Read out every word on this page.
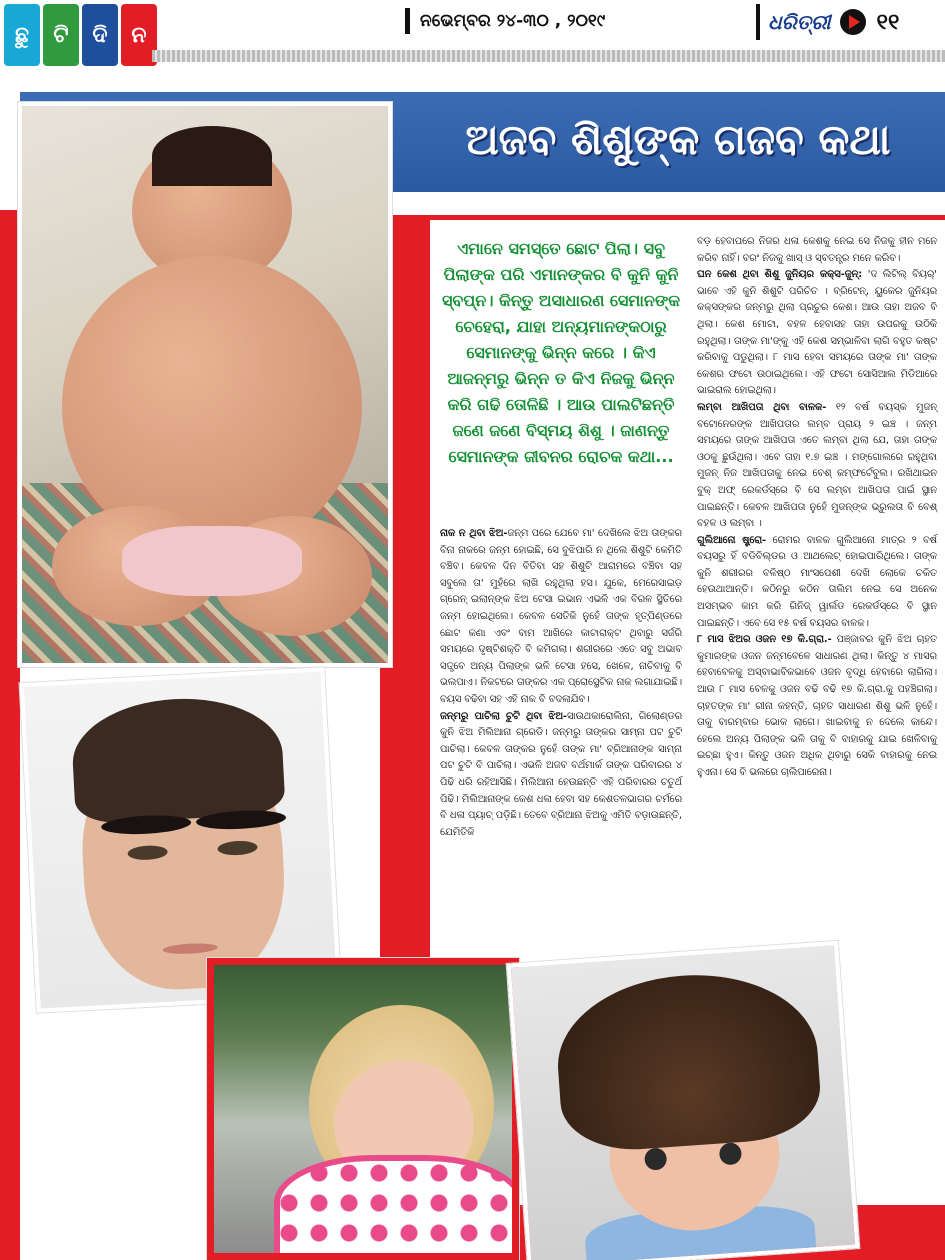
ଛୁ	ଟି	ଦି	ନ
ନଭେମ୍ବର ୨୪-୩୦ , ୨୦୧୯	ଧରିତ୍ରୀ ୧୧
ଅଜବ ଶିଶୁଙ୍କ ଗଜବ କଥା
ଏମାନେ ସମସ୍ତେ ଛୋଟ ପିଲା। ସବୁ ପିଲାଙ୍କ ପରି ଏମାନଙ୍କର ବି କୁନି କୁନି ସ୍ବପ୍ନ। କିନ୍ତୁ ଅସାଧାରଣ ସେମାନଙ୍କ ଚେହେରା, ଯାହା ଅନ୍ୟମାନଙ୍କଠାରୁ ସେମାନଙ୍କୁ ଭିନ୍ନ କରେ । କିଏ ଆଜନ୍ମରୁ ଭିନ୍ନ ତ କିଏ ନିଜକୁ ଭିନ୍ନ କରି ଗଢି ତୋଳିଛି । ଆଉ ପାଲଟିଛନ୍ତି ଜଣେ ଜଣେ ବିସ୍ମୟ ଶିଶୁ । ଜାଣନ୍ତୁ ସେମାନଙ୍କ ଜୀବନର ରୋଚକ କଥା...

ନାକ ନ ଥିବା ଝିଅ-ଜନ୍ମ ପରେ ଯେବେ ମା' ଦେଖିଲେ ଝିଅ ତାଙ୍କର ବିନା ନାକରେ ଜନ୍ମ ହୋଇଛି, ସେ ବୁଝିପାରି ନ ଥିଲେ ଶିଶୁଟି କେମିତି ବଞ୍ଚିବ। କେବଳ ଦିନ ବିତିବା ସହ ଶିଶୁଟି ଆରାମରେ ବଞ୍ଚିବା ସହ ସବୁଲେ ତା' ମୁହଁରେ ଲାଖି ରହୁଥିଲା ହସ। ଯୁକେ, ମେରେସାଇଡ଼ ଗ୍ରେନ୍ ଇଲାନ୍‌ଙ୍କ ଝିଅ ଟେସା ଇଭାନ ଏଭଳି ଏକ ବିରଳ ସ୍ଥିତିରେ ଜନ୍ମ ହୋଇଥିଲେ। କେବଳ ସେତିକି ନୁହେଁ ତାଙ୍କ ହୃତ୍‌ପିଣ୍ଡରେ ଛୋଟ କଣା ଏବଂ ବାମ ଆଖିରେ କାଟାରାକ୍ଟ ଥିବାରୁ ସର୍ଜରି ସମୟରେ ଦୃଷ୍ଟିଶକ୍ତି ବି କମିଗଲା। ଶରୀରରେ ଏତେ ସବୁ ଅଭାବ ସତ୍ତ୍ବେ ଅନ୍ୟ ପିଲାଙ୍କ ଭଳି ଟେସା ହସେ, ଖେଳେ, ନାଚିବାକୁ ବି ଭଲପାଏ। ନିକଟରେ ତାଙ୍କର ଏକ ପ୍ରୋସ୍ଥେଟିକ ନାକ ଲଗାଯାଇଛି। ବୟସ ବଢିବା ସହ ଏହି ନାକ ବି ବଦଳାଯିବ।

ଜନ୍ମରୁ ପାଚିଲା ଚୁଟି ଥିବା ଝିଅ-ସାଉଥକାରୋଲିନା, ଗିଲୋଣ୍ଡର କୁନି ଝିଅ ମିଲିଆନା ଗ୍ରେଡି। ଜନ୍ମରୁ ତାଙ୍କର ସାମ୍ନା ପଟ ଚୁଟି ପାଚିଲା। କେବଳ ତାଙ୍କର ନୁହେଁ ତାଙ୍କ ମା' ବ୍ରିଆନାଙ୍କ ସାମ୍ନା ପଟ ଚୁଟି ବି ପାଚିଲା। ଏଭଳି ଅଜବ ବର୍ଥମାର୍କ ତାଙ୍କ ପରିବାରର ୪ ପିଢି ଧରି ରହିଆସିଛି। ମିଲିଆନା ହେଉଛନ୍ତି ଏହି ପରିବାରର ଚତୁର୍ଥ ପିଢି। ମିଲିଆନାଙ୍କ କେଶ ଧଳା ହେବା ସହ କେଶତଳଭାଗର ଚର୍ମରେ ବି ଧଳା ପ୍ୟାଚ୍ ପଡ଼ିଛି। ତେବେ ବ୍ରିଆନା ଝିଅକୁ ଏମିତି ବଡ଼ାଉଛନ୍ତି, ଯେମିତିକି

ବଡ଼ ହେବାପରେ ନିଜର ଧଳା କେଶକୁ ନେଇ ସେ ନିଜକୁ ହୀନ ମନେ କରିବ ନାହିଁ। ବରଂ ନିଜକୁ ଖାସ୍ ଓ ସ୍ବତନ୍ତ୍ର ମନେ କରିବ।

ଘନ କେଶ ଥିବା ଶିଶୁ ଜୁନିୟର କକ୍ସ-ଜୁନ୍: 'ଦ ଲିଟିଲ୍ ବିୟର୍' ଭାବେ ଏହି କୁନି ଶିଶୁଟି ପରିଚିତ । ବ୍ରିଟେନ୍, ୟୁକେର ଜୁନିୟର କକ୍ସଙ୍କର ଜନ୍ମରୁ ଥିଲା ପ୍ରଚୁର କେଶ। ଆଉ ତାହା ଅଜବ ବି ଥିଲା। କେଶ ମୋଟା, ବହଳ ହେବାସହ ତାହା ଉପରକୁ ଉଠିକି ରହୁଥିଲା। ତାଙ୍କ ମା'ଙ୍କୁ ଏହି କେଶ ସମ୍ଭାଳିବା ଲାଗି ବହୁତ କଷ୍ଟ କରିବାକୁ ପଡୁଥିଲା। ୮ ମାସ ହେବା ସମୟରେ ତାଙ୍କ ମା' ତାଙ୍କ କେଶର ଫଟୋ ଉଠାଇଥିଲେ। ଏହି ଫଟୋ ସୋସିଆଲ ମିଡିଆରେ ଭାଇରାଲ ହୋଇଥିଲା।

ଲମ୍ବା ଆଖିପତା ଥିବା ବାଳକ- ୧୨ ବର୍ଷ ବୟସ୍କ ମୁଜନ୍ ବଟୋନେରଙ୍କ ଆଖିପତାର ଲମ୍ବ ପ୍ରାୟ ୨ ଇଞ୍ଚ । ଜନ୍ମ ସମୟରେ ତାଙ୍କ ଆଖିପତା ଏତେ ଲମ୍ବା ଥିଲା ଯେ, ତାହା ତାଙ୍କ ଓଠକୁ ଛୁଉଁଥିଲା। ଏବେ ତାହା ୧.୭ ଇଞ୍ଚ । ମଙ୍ଗୋଲରେ ରହୁଥିବା ମୁଜନ୍ ନିଜ ଆଖିପତାକୁ ନେଇ ବେଶ୍ କମ୍ଫର୍ଟେବୁଲ। ରଖିଥାଇନ ବୁକ୍ ଅଫ୍ ରେକର୍ଡସ୍‌ରେ ବି ସେ ଲମ୍ବା ଆଖିପତା ପାଇଁ ସ୍ଥାନ ପାଇଛନ୍ତି। କେବଳ ଆଖିପତା ନୁହେଁ ମୁଜନ୍‌ଙ୍କ ଭ୍ରୁଲତା ବି ବେଶ୍ ବହଳ ଓ ଲମ୍ବା ।

ଗୁଲିଆନୋ ଷ୍ଟ୍ରୋ- ରୋମର ବାଳକ ଗୁଲିଆନୋ ମାତ୍ର ୨ ବର୍ଷ ବୟସରୁ ହିଁ ବଡିବିଲ୍ଡର ଓ ଆଥଲେଟ୍ ହୋଇପାରିଥିଲେ। ତାଙ୍କ କୁନି ଶରୀରର ବଳିଷ୍ଠ ମାଂସପେଶୀ ଦେଖି ଲୋକେ ଚକିତ ହେଉଥାଆନ୍ତି। କଠିନରୁ କଠିନ ତାଲିମ ନେଇ ସେ ଅନେକ ଅସମ୍ଭବ କାମ କରି ଗିନିଜ୍ ୱାର୍ଲଡ ରେକର୍ଡସ୍‌ରେ ବି ସ୍ଥାନ ପାଇଛନ୍ତି। ଏବେ ସେ ୧୫ ବର୍ଷ ବୟସର ବାଳକ।

୮ ମାସ ଝିଅର ଓଜନ ୧୭ କି.ଗ୍ରା.- ପଞ୍ଜାବର କୁନି ଝିଅ ଚାହତ କୁମାରଙ୍କ ଓଜନ ଜନ୍ମବେଳେ ସାଧାରଣ ଥିଲା। କିନ୍ତୁ ୪ ମାସର ହେବାବେଳକୁ ଅସ୍ବାଭାବିକଭାବେ ଓଜନ ବୃଦ୍ଧି ହେବାରେ ଲାଗିଲା। ଆଉ ୮ ମାସ ବେଳକୁ ଓଜନ ବଢି ବଢି ୧୭ କି.ଗ୍ରା.କୁ ପହଞ୍ଚିଗଲା। ଚାହତଙ୍କ ମା' ରୀନା କହନ୍ତି, ଚାହତ ସାଧାରଣ ଶିଶୁ ଭଳି ନୁହେଁ। ତାକୁ ବାରମ୍ବାର ଭୋକ ଲାଗେ। ଖାଇବାକୁ ନ ଦେଲେ କାନ୍ଦେ। ହେଲେ ଅନ୍ୟ ପିଲାଙ୍କ ଭଳି ତାକୁ ବି ବାହାରକୁ ଯାଇ ଖେଳିବାକୁ ଇଚ୍ଛା ହୁଏ। କିନ୍ତୁ ଓଜନ ଅଧିକ ଥିବାରୁ ସେକି ବାହାରକୁ ନେଇ ହୁଏନା। ସେ ବି ଭଲରେ ଚାଲିପାରେନା।
